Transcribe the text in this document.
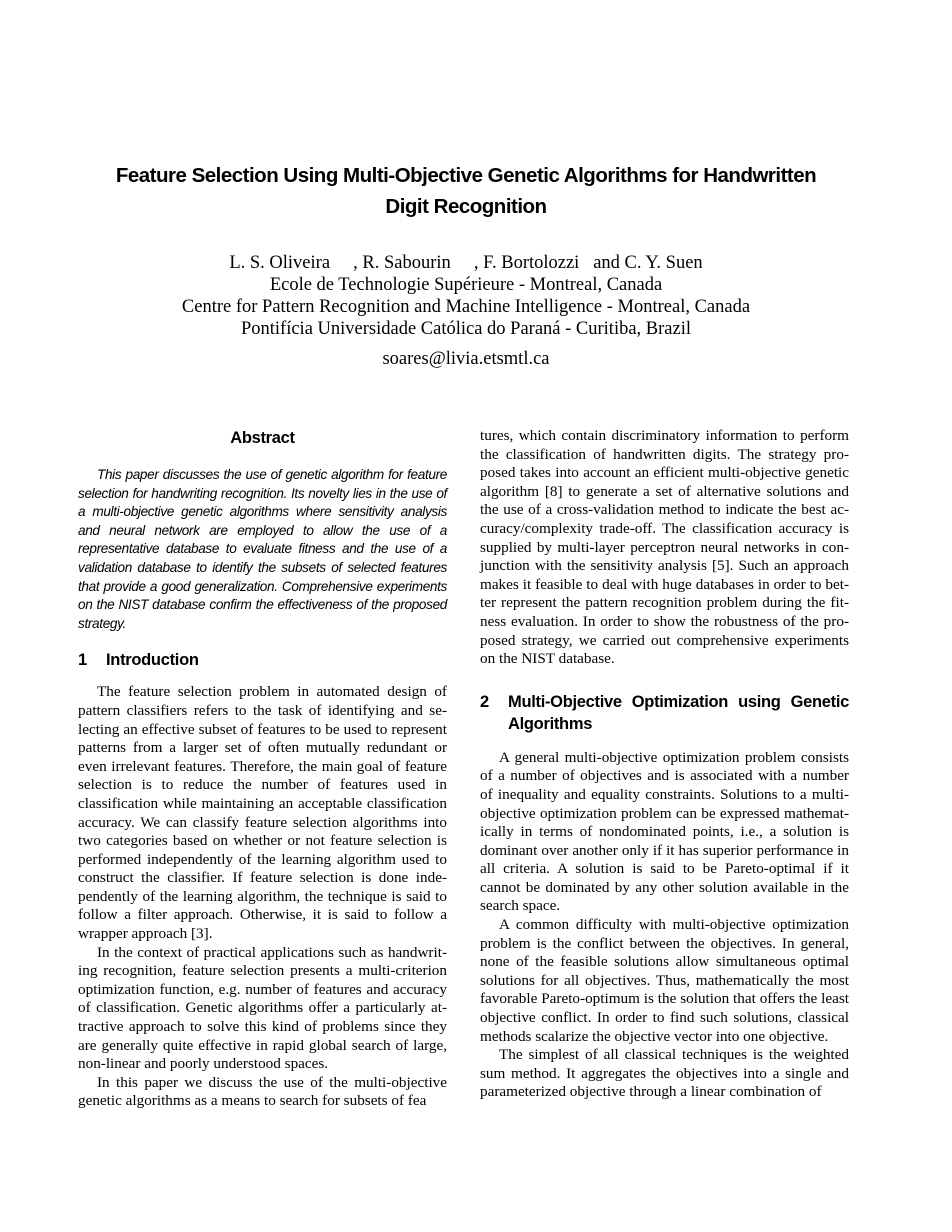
Feature Selection Using Multi-Objective Genetic Algorithms for Handwritten
Digit Recognition
L. S. Oliveira     , R. Sabourin     , F. Bortolozzi   and C. Y. Suen
Ecole de Technologie Supérieure - Montreal, Canada
Centre for Pattern Recognition and Machine Intelligence - Montreal, Canada
Pontifícia Universidade Católica do Paraná - Curitiba, Brazil
soares@livia.etsmtl.ca
Abstract

This paper discusses the use of genetic algorithm for feature selection for handwriting recognition. Its novelty lies in the use of a multi-objective genetic algorithms where sensitivity analysis and neural network are employed to allow the use of a representative database to evaluate fitness and the use of a validation database to identify the subsets of selected features that provide a good generalization. Comprehensive experiments on the NIST database confirm the effectiveness of the proposed strategy.

1	Introduction

The feature selection problem in automated design of pattern classifiers refers to the task of identifying and selecting an effective subset of features to be used to represent patterns from a larger set of often mutually redundant or even irrelevant features. Therefore, the main goal of feature selection is to reduce the number of features used in classification while maintaining an acceptable classification accuracy. We can classify feature selection algorithms into two categories based on whether or not feature selection is performed independently of the learning algorithm used to construct the classifier. If feature selection is done independently of the learning algorithm, the technique is said to follow a filter approach. Otherwise, it is said to follow a wrapper approach [3].

In the context of practical applications such as handwriting recognition, feature selection presents a multi-criterion optimization function, e.g. number of features and accuracy of classification. Genetic algorithms offer a particularly attractive approach to solve this kind of problems since they are generally quite effective in rapid global search of large, non-linear and poorly understood spaces.

In this paper we discuss the use of the multi-objective genetic algorithms as a means to search for subsets of fea

tures, which contain discriminatory information to perform the classification of handwritten digits. The strategy proposed takes into account an efficient multi-objective genetic algorithm [8] to generate a set of alternative solutions and the use of a cross-validation method to indicate the best accuracy/complexity trade-off. The classification accuracy is supplied by multi-layer perceptron neural networks in conjunction with the sensitivity analysis [5]. Such an approach makes it feasible to deal with huge databases in order to better represent the pattern recognition problem during the fitness evaluation. In order to show the robustness of the proposed strategy, we carried out comprehensive experiments on the NIST database.

2	Multi-Objective Optimization using Genetic Algorithms

A general multi-objective optimization problem consists of a number of objectives and is associated with a number of inequality and equality constraints. Solutions to a multiobjective optimization problem can be expressed mathematically in terms of nondominated points, i.e., a solution is dominant over another only if it has superior performance in all criteria. A solution is said to be Pareto-optimal if it cannot be dominated by any other solution available in the search space.

A common difficulty with multi-objective optimization problem is the conflict between the objectives. In general, none of the feasible solutions allow simultaneous optimal solutions for all objectives. Thus, mathematically the most favorable Pareto-optimum is the solution that offers the least objective conflict. In order to find such solutions, classical methods scalarize the objective vector into one objective.

The simplest of all classical techniques is the weighted sum method. It aggregates the objectives into a single and parameterized objective through a linear combination of
